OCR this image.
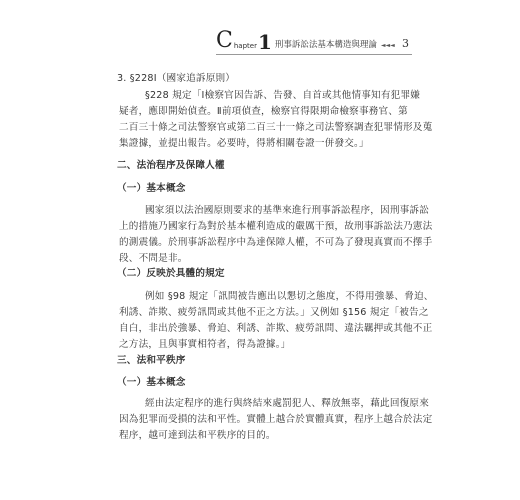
C hapter 1 刑事訴訟法基本構造與理論 ◄◄◄ 3
3. §228Ⅰ（國家追訴原則）
§228 規定「Ⅰ檢察官因告訴、告發、自首或其他情事知有犯罪嫌
疑者，應即開始偵查。Ⅱ前項偵查，檢察官得限期命檢察事務官、第
二百三十條之司法警察官或第二百三十一條之司法警察調查犯罪情形及蒐
集證據，並提出報告。必要時，得將相關卷證一併發交。」
二、法治程序及保障人權
（一）基本概念
國家須以法治國原則要求的基準來進行刑事訴訟程序，因刑事訴訟
上的措施乃國家行為對於基本權利造成的嚴厲干預，故刑事訴訟法乃憲法
的測震儀。於刑事訴訟程序中為達保障人權，不可為了發現真實而不擇手
段、不問是非。
（二）反映於具體的規定
例如 §98 規定「訊問被告應出以懇切之態度，不得用強暴、脅迫、
利誘、詐欺、疲勞訊問或其他不正之方法。」又例如 §156 規定「被告之
自白，非出於強暴、脅迫、利誘、詐欺、疲勞訊問、違法羈押或其他不正
之方法，且與事實相符者，得為證據。」
三、法和平秩序
（一）基本概念
經由法定程序的進行與終結來處罰犯人、釋放無辜，藉此回復原來
因為犯罪而受損的法和平性。實體上越合於實體真實，程序上越合於法定
程序，越可達到法和平秩序的目的。
